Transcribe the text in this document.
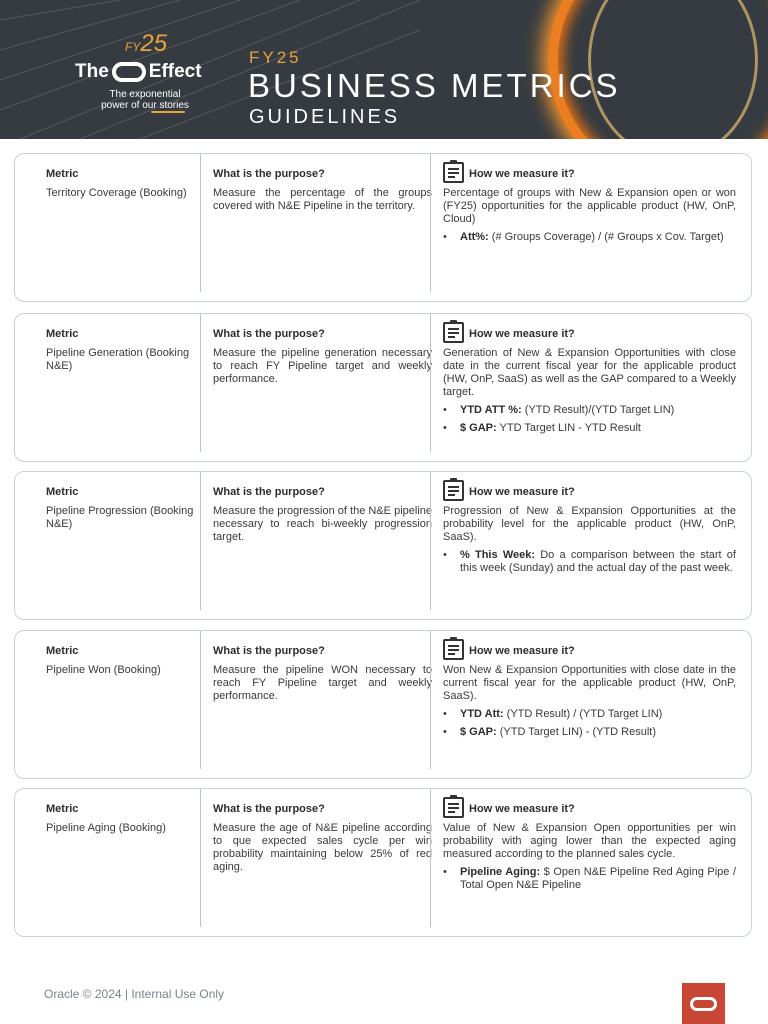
FY25
The Effect
The exponential
power of our stories
FY25
BUSINESS METRICS
GUIDELINES
Metric
Territory Coverage (Booking)
What is the purpose?
Measure the percentage of the groups covered with N&E Pipeline in the territory.
How we measure it?
Percentage of groups with New & Expansion open or won (FY25) opportunities for the applicable product (HW, OnP, Cloud)
• Att%: (# Groups Coverage) / (# Groups x Cov. Target)
Metric
Pipeline Generation (Booking N&E)
What is the purpose?
Measure the pipeline generation necessary to reach FY Pipeline target and weekly performance.
How we measure it?
Generation of New & Expansion Opportunities with close date in the current fiscal year for the applicable product (HW, OnP, SaaS) as well as the GAP compared to a Weekly target.
• YTD ATT %: (YTD Result)/(YTD Target LIN)
• $ GAP: YTD Target LIN - YTD Result
Metric
Pipeline Progression (Booking N&E)
What is the purpose?
Measure the progression of the N&E pipeline necessary to reach bi-weekly progression target.
How we measure it?
Progression of New & Expansion Opportunities at the probability level for the applicable product (HW, OnP, SaaS).
• % This Week: Do a comparison between the start of this week (Sunday) and the actual day of the past week.
Metric
Pipeline Won (Booking)
What is the purpose?
Measure the pipeline WON necessary to reach FY Pipeline target and weekly performance.
How we measure it?
Won New & Expansion Opportunities with close date in the current fiscal year for the applicable product (HW, OnP, SaaS).
• YTD Att: (YTD Result) / (YTD Target LIN)
• $ GAP: (YTD Target LIN) - (YTD Result)
Metric
Pipeline Aging (Booking)
What is the purpose?
Measure the age of N&E pipeline according to que expected sales cycle per win probability maintaining below 25% of red aging.
How we measure it?
Value of New & Expansion Open opportunities per win probability with aging lower than the expected aging measured according to the planned sales cycle.
• Pipeline Aging: $ Open N&E Pipeline Red Aging Pipe / Total Open N&E Pipeline
Oracle © 2024 | Internal Use Only
